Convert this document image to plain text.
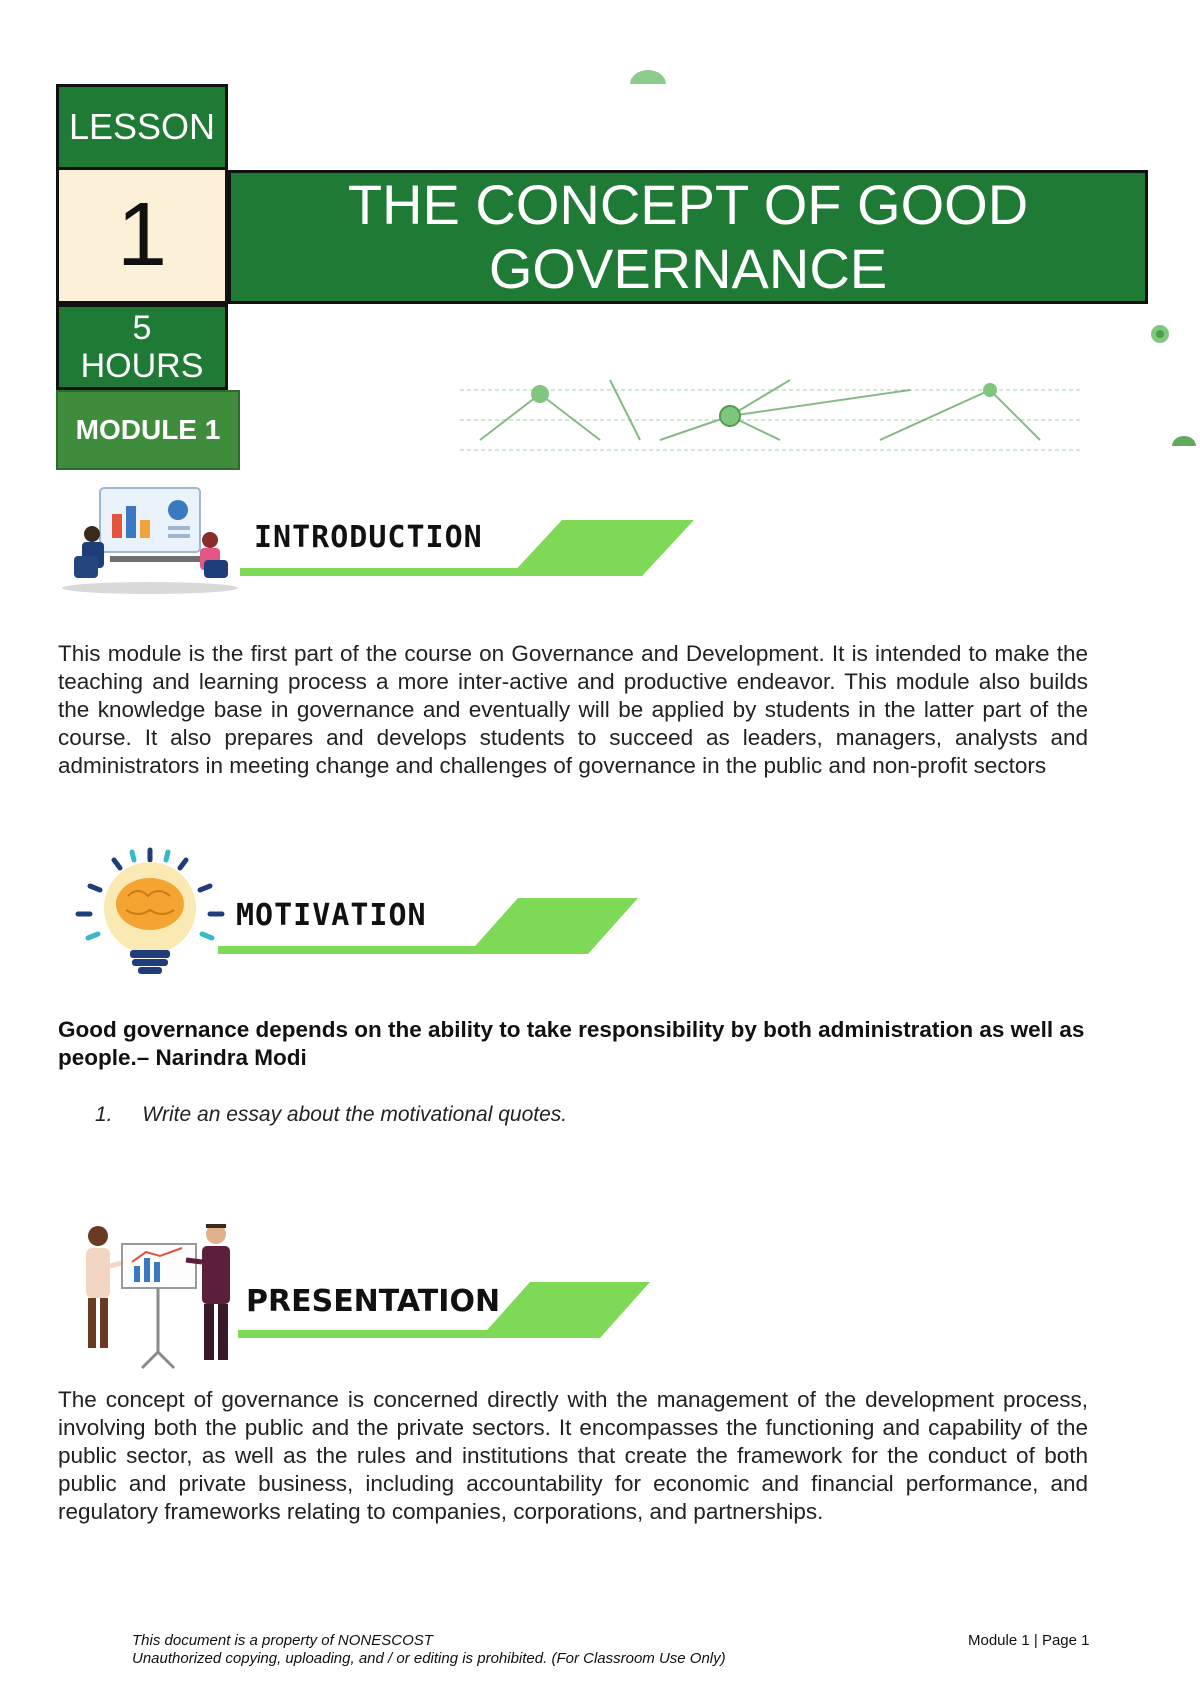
LESSON
1
5
HOURS
MODULE 1
THE CONCEPT OF GOOD
GOVERNANCE
INTRODUCTION
This module is the first part of the course on Governance and Development. It is intended to make the teaching and learning process a more inter-active and productive endeavor. This module also builds the knowledge base in governance and eventually will be applied by students in the latter part of the course. It also prepares and develops students to succeed as leaders, managers, analysts and administrators in meeting change and challenges of governance in the public and non-profit sectors
MOTIVATION
Good governance depends on the ability to take responsibility by both administration as well as people.– Narindra Modi
1. Write an essay about the motivational quotes.
PRESENTATION
The concept of governance is concerned directly with the management of the development process, involving both the public and the private sectors. It encompasses the functioning and capability of the public sector, as well as the rules and institutions that create the framework for the conduct of both public and private business, including accountability for economic and financial performance, and regulatory frameworks relating to companies, corporations, and partnerships.
This document is a property of NONESCOST
Unauthorized copying, uploading, and / or editing is prohibited. (For Classroom Use Only)
Module 1 | Page 1
